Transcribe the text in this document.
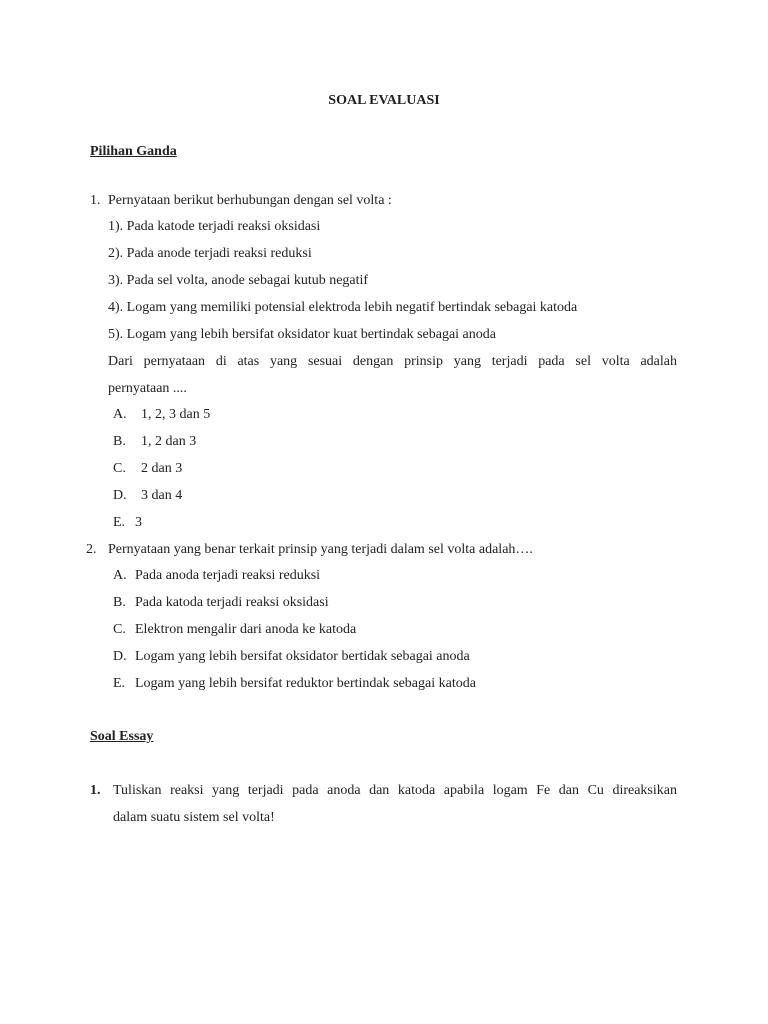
SOAL EVALUASI
Pilihan Ganda
1. Pernyataan berikut berhubungan dengan sel volta :
1). Pada katode terjadi reaksi oksidasi
2). Pada anode terjadi reaksi reduksi
3). Pada sel volta, anode sebagai kutub negatif
4). Logam yang memiliki potensial elektroda lebih negatif bertindak sebagai katoda
5). Logam yang lebih bersifat oksidator kuat bertindak sebagai anoda
Dari pernyataan di atas yang sesuai dengan prinsip yang terjadi pada sel volta adalah
pernyataan ....
A. 1, 2, 3 dan 5
B. 1, 2 dan 3
C. 2 dan 3
D. 3 dan 4
E. 3
2. Pernyataan yang benar terkait prinsip yang terjadi dalam sel volta adalah….
A. Pada anoda terjadi reaksi reduksi
B. Pada katoda terjadi reaksi oksidasi
C. Elektron mengalir dari anoda ke katoda
D. Logam yang lebih bersifat oksidator bertidak sebagai anoda
E. Logam yang lebih bersifat reduktor bertindak sebagai katoda
Soal Essay
1. Tuliskan reaksi yang terjadi pada anoda dan katoda apabila logam Fe dan Cu direaksikan
dalam suatu sistem sel volta!
